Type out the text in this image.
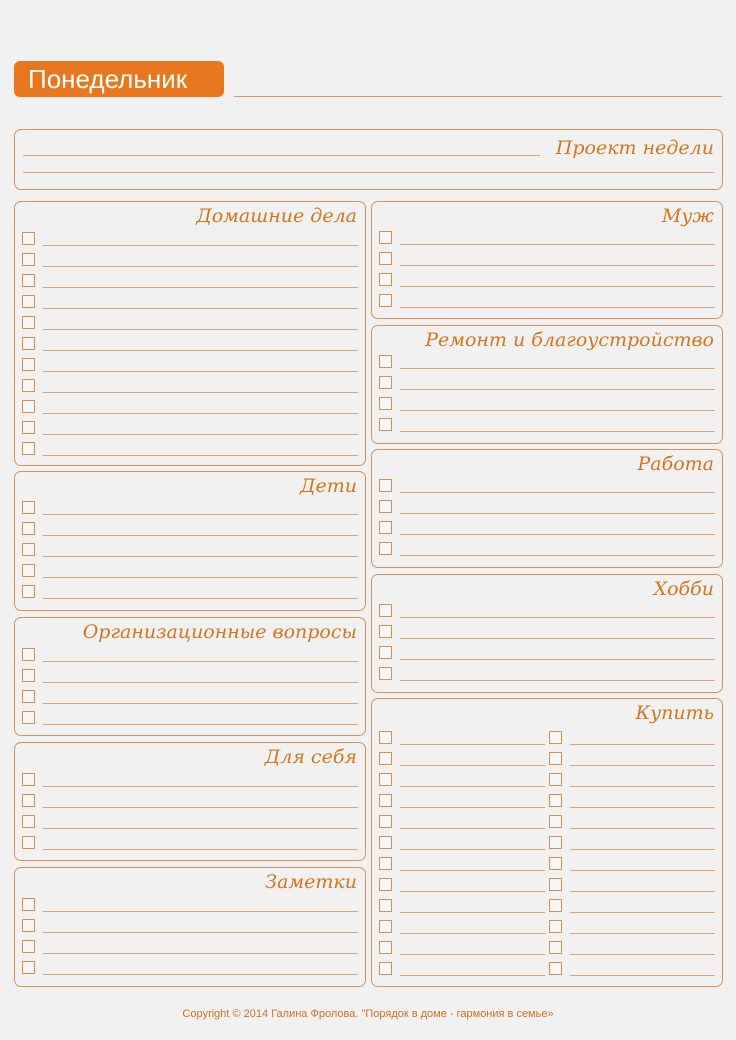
Понедельник
Проект недели
Домашние дела
Дети
Организационные вопросы
Для себя
Заметки
Муж
Ремонт и благоустройство
Работа
Хобби
Купить
Copyright © 2014 Галина Фролова. "Порядок в доме - гармония в семье»
